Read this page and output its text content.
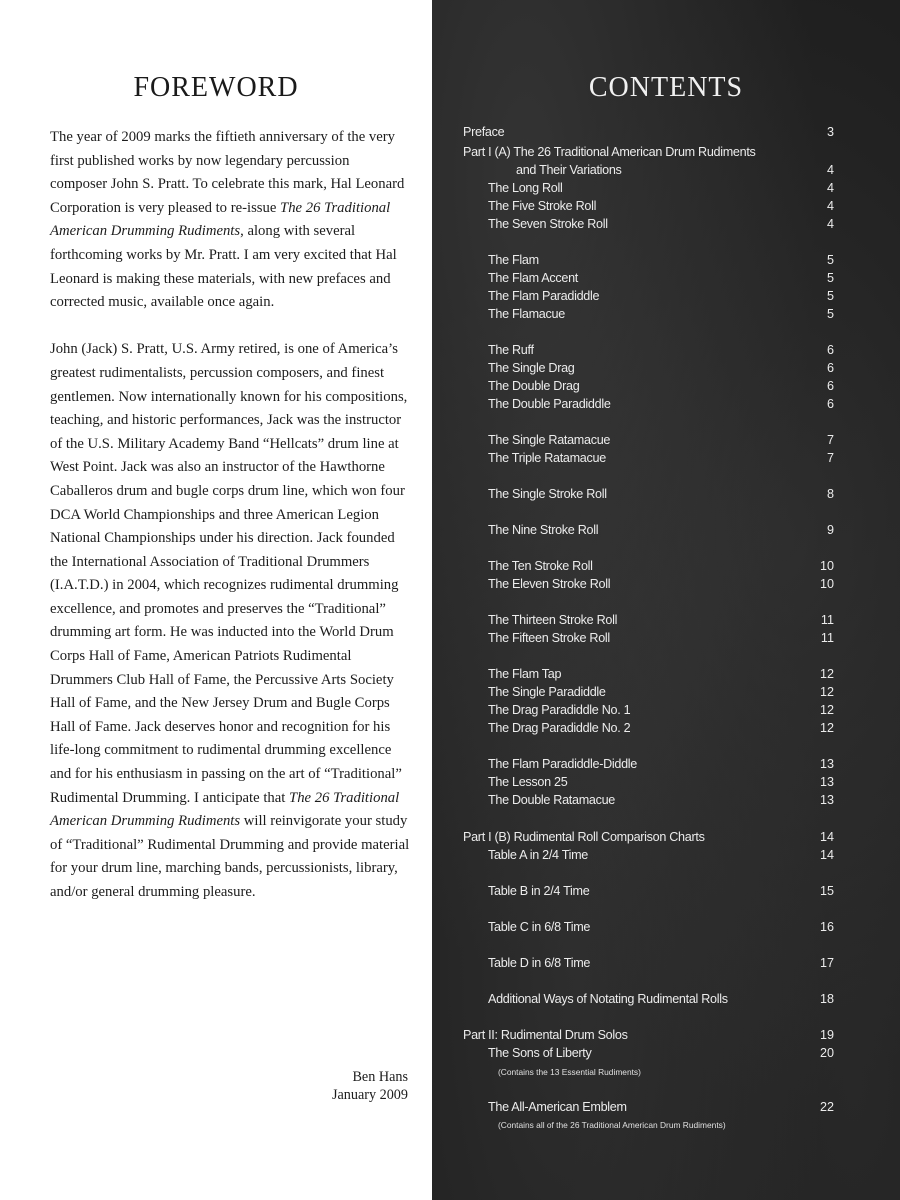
FOREWORD

The year of 2009 marks the fiftieth anniversary of the very first published works by now legendary percussion composer John S. Pratt. To celebrate this mark, Hal Leonard Corporation is very pleased to re-issue The 26 Traditional American Drumming Rudiments, along with several forthcoming works by Mr. Pratt. I am very excited that Hal Leonard is making these materials, with new prefaces and corrected music, available once again.

John (Jack) S. Pratt, U.S. Army retired, is one of America’s greatest rudimentalists, percussion composers, and finest gentlemen. Now internationally known for his compositions, teaching, and historic performances, Jack was the instructor of the U.S. Military Academy Band “Hellcats” drum line at West Point. Jack was also an instructor of the Hawthorne Caballeros drum and bugle corps drum line, which won four DCA World Championships and three American Legion National Championships under his direction. Jack founded the International Association of Traditional Drummers (I.A.T.D.) in 2004, which recognizes rudimental drumming excellence, and promotes and preserves the “Traditional” drumming art form. He was inducted into the World Drum Corps Hall of Fame, American Patriots Rudimental Drummers Club Hall of Fame, the Percussive Arts Society Hall of Fame, and the New Jersey Drum and Bugle Corps Hall of Fame. Jack deserves honor and recognition for his life-long commitment to rudimental drumming excellence and for his enthusiasm in passing on the art of “Traditional” Rudimental Drumming. I anticipate that The 26 Traditional American Drumming Rudiments will reinvigorate your study of “Traditional” Rudimental Drumming and provide material for your drum line, marching bands, percussionists, library, and/or general drumming pleasure.

Ben Hans
January 2009
CONTENTS
Preface	3
Part I (A) The 26 Traditional American Drum Rudiments
and Their Variations	4
The Long Roll	4
The Five Stroke Roll	4
The Seven Stroke Roll	4
The Flam	5
The Flam Accent	5
The Flam Paradiddle	5
The Flamacue	5
The Ruff	6
The Single Drag	6
The Double Drag	6
The Double Paradiddle	6
The Single Ratamacue	7
The Triple Ratamacue	7
The Single Stroke Roll	8
The Nine Stroke Roll	9
The Ten Stroke Roll	10
The Eleven Stroke Roll	10
The Thirteen Stroke Roll	11
The Fifteen Stroke Roll	11
The Flam Tap	12
The Single Paradiddle	12
The Drag Paradiddle No. 1	12
The Drag Paradiddle No. 2	12
The Flam Paradiddle-Diddle	13
The Lesson 25	13
The Double Ratamacue	13
Part I (B) Rudimental Roll Comparison Charts	14
Table A in 2/4 Time	14
Table B in 2/4 Time	15
Table C in 6/8 Time	16
Table D in 6/8 Time	17
Additional Ways of Notating Rudimental Rolls	18
Part II: Rudimental Drum Solos	19
The Sons of Liberty	20
(Contains the 13 Essential Rudiments)
The All-American Emblem	22
(Contains all of the 26 Traditional American Drum Rudiments)
